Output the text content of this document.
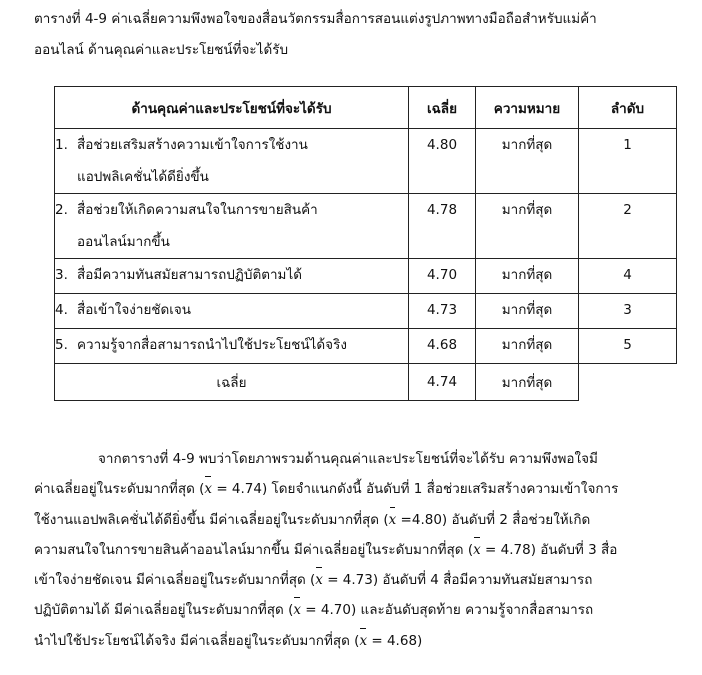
ตารางที่ 4-9 ค่าเฉลี่ยความพึงพอใจของสื่อนวัตกรรมสื่อการสอนแต่งรูปภาพทางมือถือสำหรับแม่ค้า
ออนไลน์ ด้านคุณค่าและประโยชน์ที่จะได้รับ
ด้านคุณค่าและประโยชน์ที่จะได้รับ	เฉลี่ย	ความหมาย	ลำดับ

1. สื่อช่วยเสริมสร้างความเข้าใจการใช้งาน
แอปพลิเคชั่นได้ดียิ่งขึ้น	4.80	มากที่สุด	1

2. สื่อช่วยให้เกิดความสนใจในการขายสินค้า
ออนไลน์มากขึ้น	4.78	มากที่สุด	2

3. สื่อมีความทันสมัยสามารถปฏิบัติตามได้	4.70	มากที่สุด	4

4. สื่อเข้าใจง่ายชัดเจน	4.73	มากที่สุด	3

5. ความรู้จากสื่อสามารถนำไปใช้ประโยชน์ได้จริง	4.68	มากที่สุด	5
เฉลี่ย	4.74	มากที่สุด	
จากตารางที่ 4-9 พบว่าโดยภาพรวมด้านคุณค่าและประโยชน์ที่จะได้รับ ความพึงพอใจมี
ค่าเฉลี่ยอยู่ในระดับมากที่สุด (x = 4.74) โดยจำแนกดังนี้ อันดับที่ 1 สื่อช่วยเสริมสร้างความเข้าใจการ
ใช้งานแอปพลิเคชั่นได้ดียิ่งขึ้น มีค่าเฉลี่ยอยู่ในระดับมากที่สุด (x =4.80) อันดับที่ 2 สื่อช่วยให้เกิด
ความสนใจในการขายสินค้าออนไลน์มากขึ้น มีค่าเฉลี่ยอยู่ในระดับมากที่สุด (x = 4.78) อันดับที่ 3 สื่อ
เข้าใจง่ายชัดเจน มีค่าเฉลี่ยอยู่ในระดับมากที่สุด (x = 4.73) อันดับที่ 4 สื่อมีความทันสมัยสามารถ
ปฏิบัติตามได้ มีค่าเฉลี่ยอยู่ในระดับมากที่สุด (x = 4.70) และอันดับสุดท้าย ความรู้จากสื่อสามารถ
นำไปใช้ประโยชน์ได้จริง มีค่าเฉลี่ยอยู่ในระดับมากที่สุด (x = 4.68)
